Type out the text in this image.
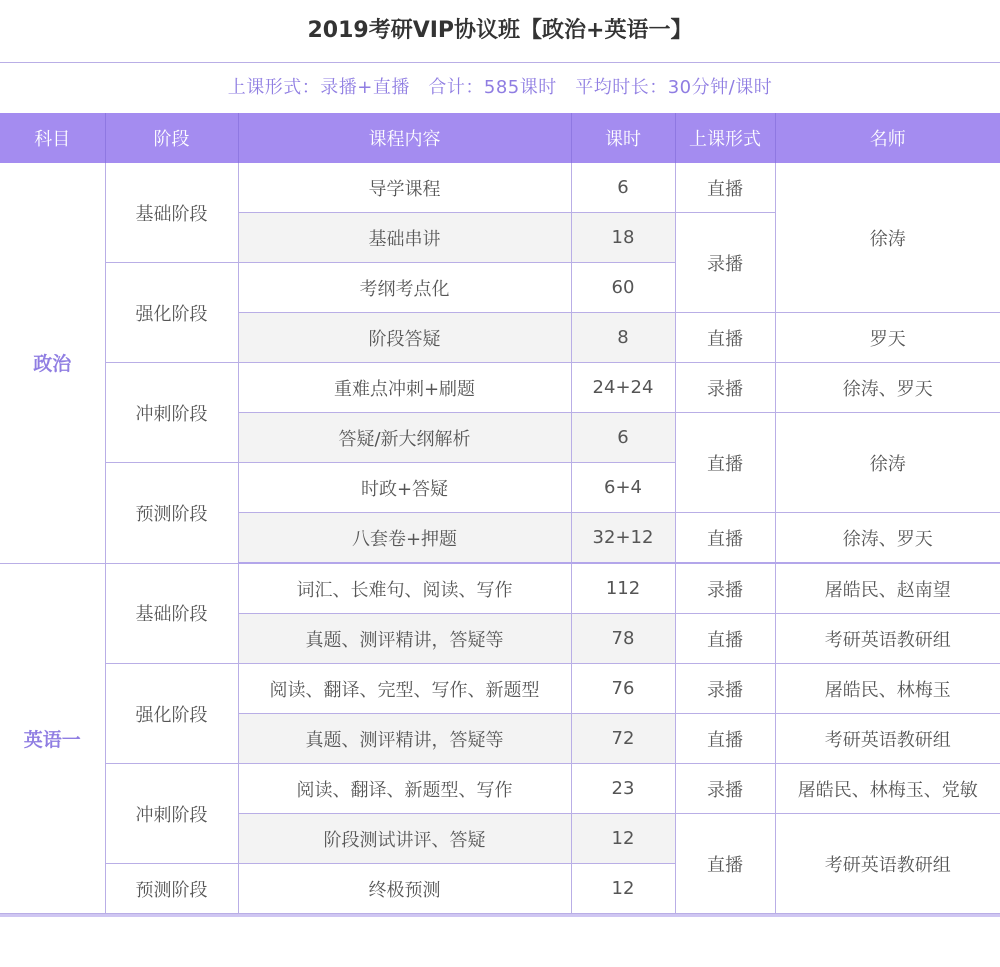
2019考研VIP协议班【政治+英语一】
上课形式：录播+直播　合计：585课时　平均时长：30分钟/课时
科目	阶段	课程内容	课时	上课形式	名师
政治	基础阶段	导学课程	6	直播	徐涛
		基础串讲	18	录播	
	强化阶段	考纲考点化	60		
		阶段答疑	8	直播	罗天
	冲刺阶段	重难点冲刺+刷题	24+24	录播	徐涛、罗天
		答疑/新大纲解析	6	直播	徐涛
	预测阶段	时政+答疑	6+4		
		八套卷+押题	32+12	直播	徐涛、罗天
英语一	基础阶段	词汇、长难句、阅读、写作	112	录播	屠皓民、赵南望
		真题、测评精讲，答疑等	78	直播	考研英语教研组
	强化阶段	阅读、翻译、完型、写作、新题型	76	录播	屠皓民、林梅玉
		真题、测评精讲，答疑等	72	直播	考研英语教研组
	冲刺阶段	阅读、翻译、新题型、写作	23	录播	屠皓民、林梅玉、党敏
		阶段测试讲评、答疑	12	直播	考研英语教研组
	预测阶段	终极预测	12		
